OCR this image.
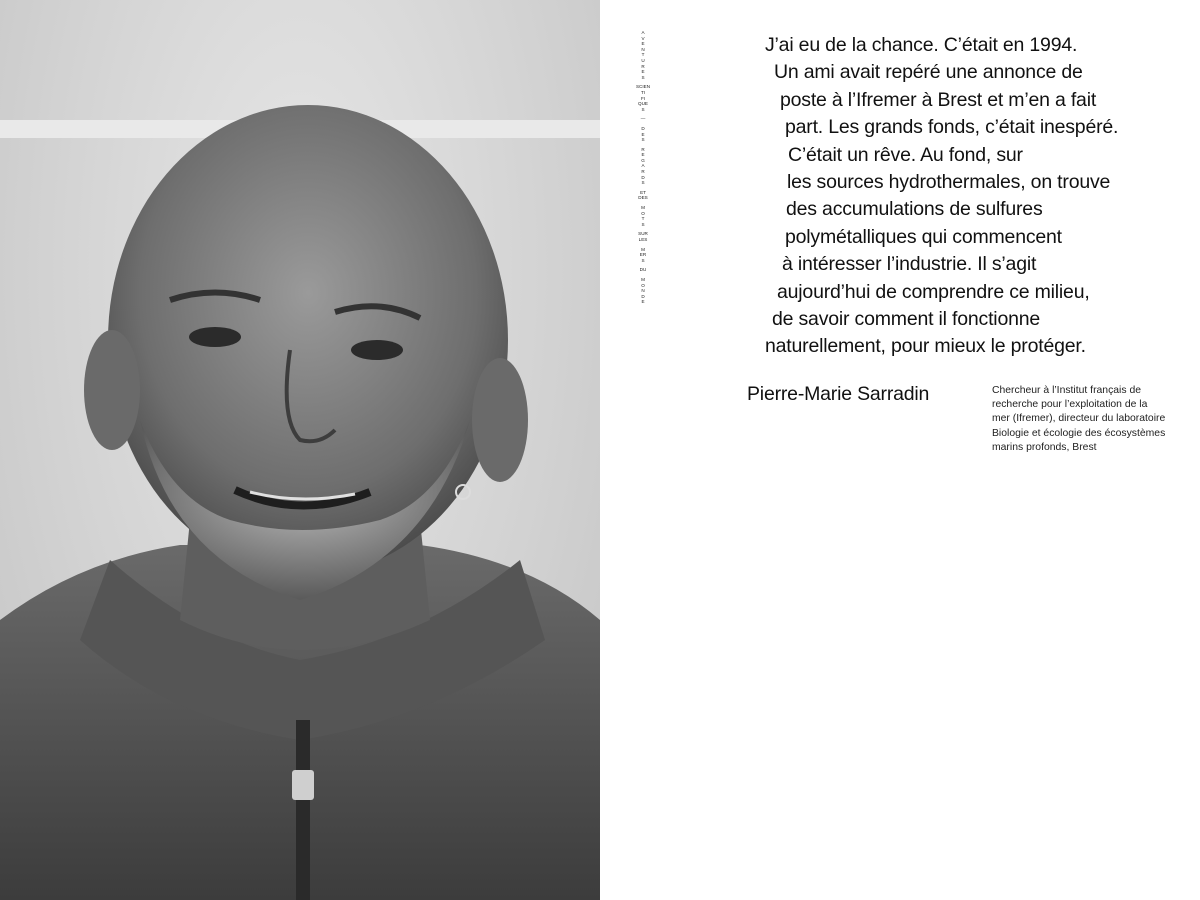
A
V
E
N
T
U
R
E
S
SCIEN
TI
FI
QUE
S
—
D
E
S
R
E
G
A
R
D
S
ET
DES
M
O
T
S
SUR
LES
M
ER
S
DU
M
O
N
D
E
J’ai eu de la chance. C’était en 1994.
Un ami avait repéré une annonce de
poste à l’Ifremer à Brest et m’en a fait
part. Les grands fonds, c’était inespéré.
C’était un rêve. Au fond, sur
les sources hydrothermales, on trouve
des accumulations de sulfures
polymétalliques qui commencent
à intéresser l’industrie. Il s’agit
aujourd’hui de comprendre ce milieu,
de savoir comment il fonctionne
naturellement, pour mieux le protéger.
Pierre-Marie Sarradin	Chercheur à l’Institut français de
recherche pour l’exploitation de la
mer (Ifremer), directeur du laboratoire
Biologie et écologie des écosystèmes
marins profonds, Brest
